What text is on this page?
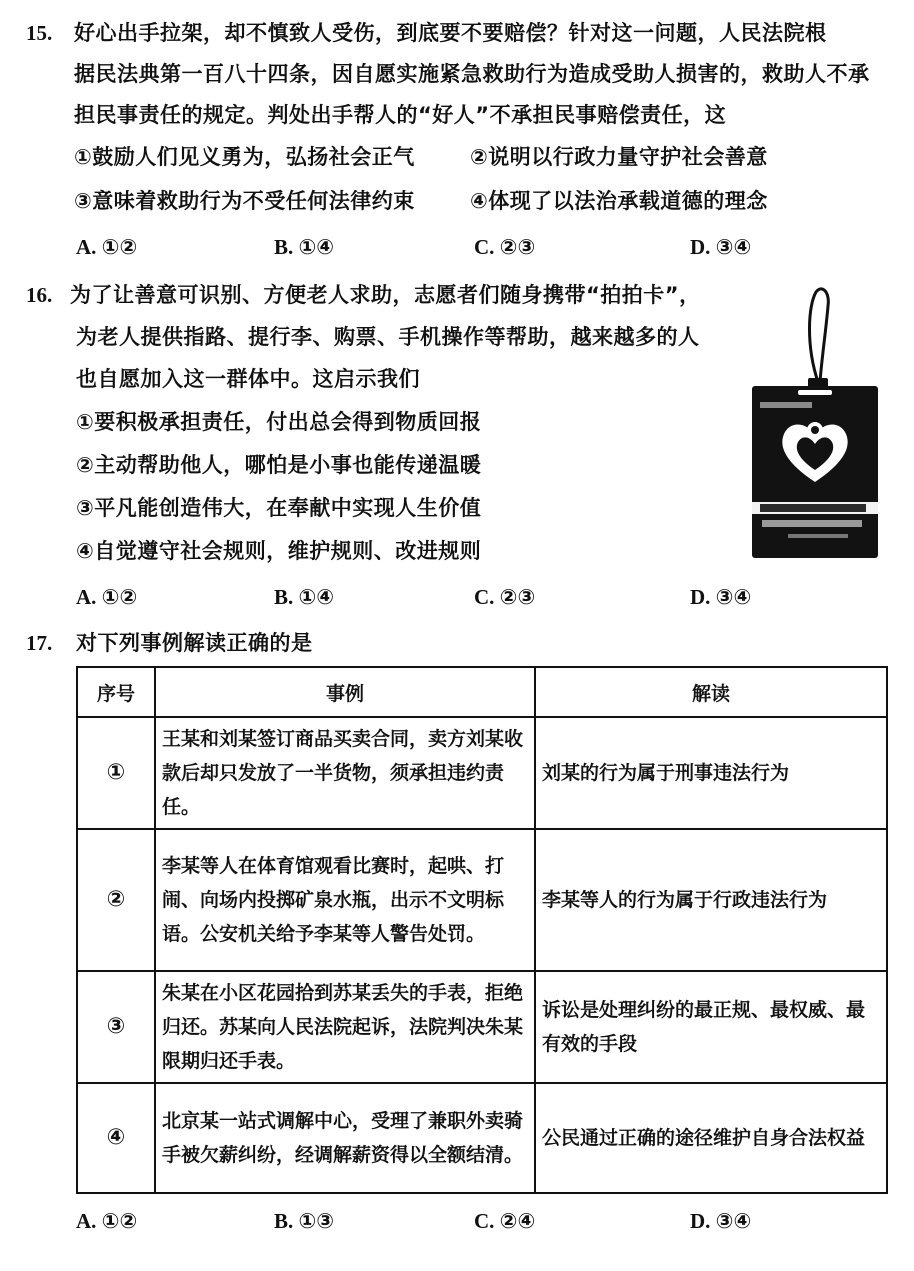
15. 好心出手拉架，却不慎致人受伤，到底要不要赔偿？针对这一问题，人民法院根
据民法典第一百八十四条，因自愿实施紧急救助行为造成受助人损害的，救助人不承
担民事责任的规定。判处出手帮人的“好人”不承担民事赔偿责任，这
①鼓励人们见义勇为，弘扬社会正气	②说明以行政力量守护社会善意
③意味着救助行为不受任何法律约束	④体现了以法治承载道德的理念
A. ①②	B. ①④	C. ②③	D. ③④
16. 为了让善意可识别、方便老人求助，志愿者们随身携带“拍拍卡”，
为老人提供指路、提行李、购票、手机操作等帮助，越来越多的人
也自愿加入这一群体中。这启示我们
①要积极承担责任，付出总会得到物质回报
②主动帮助他人，哪怕是小事也能传递温暖
③平凡能创造伟大，在奉献中实现人生价值
④自觉遵守社会规则，维护规则、改进规则
A. ①②	B. ①④	C. ②③	D. ③④
17. 对下列事例解读正确的是
序号	事例	解读
①	王某和刘某签订商品买卖合同，卖方刘某收款后却只发放了一半货物，须承担违约责任。	刘某的行为属于刑事违法行为
②	李某等人在体育馆观看比赛时，起哄、打闹、向场内投掷矿泉水瓶，出示不文明标语。公安机关给予李某等人警告处罚。	李某等人的行为属于行政违法行为
③	朱某在小区花园拾到苏某丢失的手表，拒绝归还。苏某向人民法院起诉，法院判决朱某限期归还手表。	诉讼是处理纠纷的最正规、最权威、最有效的手段
④	北京某一站式调解中心，受理了兼职外卖骑手被欠薪纠纷，经调解薪资得以全额结清。	公民通过正确的途径维护自身合法权益
A. ①②	B. ①③	C. ②④	D. ③④
